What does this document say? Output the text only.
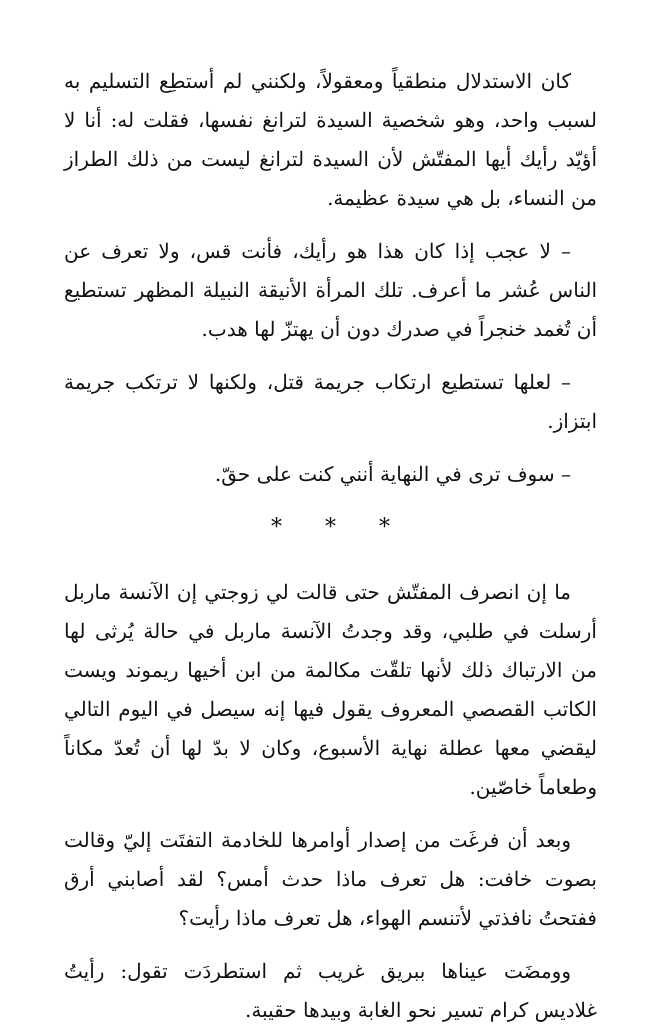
كان الاستدلال منطقياً ومعقولاً، ولكنني لم أستطِع التسليم به لسبب واحد، وهو شخصية السيدة لترانغ نفسها، فقلت له: أنا لا أؤيّد رأيك أيها المفتّش لأن السيدة لترانغ ليست من ذلك الطراز من النساء، بل هي سيدة عظيمة.

– لا عجب إذا كان هذا هو رأيك، فأنت قس، ولا تعرف عن الناس عُشر ما أعرف. تلك المرأة الأنيقة النبيلة المظهر تستطيع أن تُغمد خنجراً في صدرك دون أن يهتزّ لها هدب.

– لعلها تستطيع ارتكاب جريمة قتل، ولكنها لا ترتكب جريمة ابتزاز.

– سوف ترى في النهاية أنني كنت على حقّ.

* * *

ما إن انصرف المفتّش حتى قالت لي زوجتي إن الآنسة ماربل أرسلت في طلبي، وقد وجدتُ الآنسة ماربل في حالة يُرثى لها من الارتباك ذلك لأنها تلقّت مكالمة من ابن أخيها ريموند ويست الكاتب القصصي المعروف يقول فيها إنه سيصل في اليوم التالي ليقضي معها عطلة نهاية الأسبوع، وكان لا بدّ لها أن تُعدّ مكاناً وطعاماً خاصّين.

وبعد أن فرغَت من إصدار أوامرها للخادمة التفتَت إليّ وقالت بصوت خافت: هل تعرف ماذا حدث أمس؟ لقد أصابني أرق ففتحتُ نافذتي لأتنسم الهواء، هل تعرف ماذا رأيت؟

وومضَت عيناها ببريق غريب ثم استطردَت تقول: رأيتُ غلاديس كرام تسير نحو الغابة وبيدها حقيبة.
